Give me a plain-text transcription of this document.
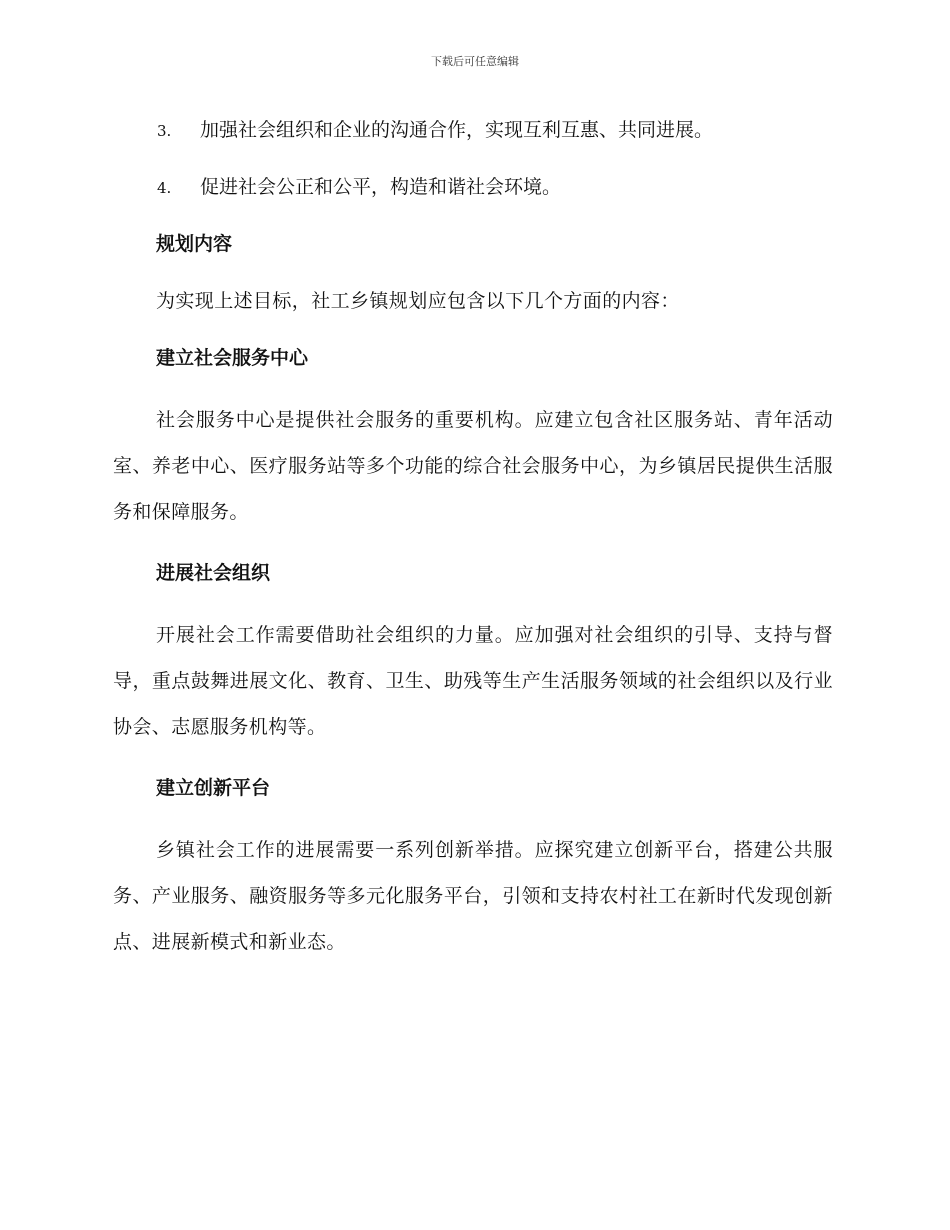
下载后可任意编辑
3. 加强社会组织和企业的沟通合作，实现互利互惠、共同进展。
4. 促进社会公正和公平，构造和谐社会环境。
规划内容

为实现上述目标，社工乡镇规划应包含以下几个方面的内容：

建立社会服务中心

社会服务中心是提供社会服务的重要机构。应建立包含社区服务站、青年活动室、养老中心、医疗服务站等多个功能的综合社会服务中心，为乡镇居民提供生活服务和保障服务。

进展社会组织

开展社会工作需要借助社会组织的力量。应加强对社会组织的引导、支持与督导，重点鼓舞进展文化、教育、卫生、助残等生产生活服务领域的社会组织以及行业协会、志愿服务机构等。

建立创新平台

乡镇社会工作的进展需要一系列创新举措。应探究建立创新平台，搭建公共服务、产业服务、融资服务等多元化服务平台，引领和支持农村社工在新时代发现创新点、进展新模式和新业态。
